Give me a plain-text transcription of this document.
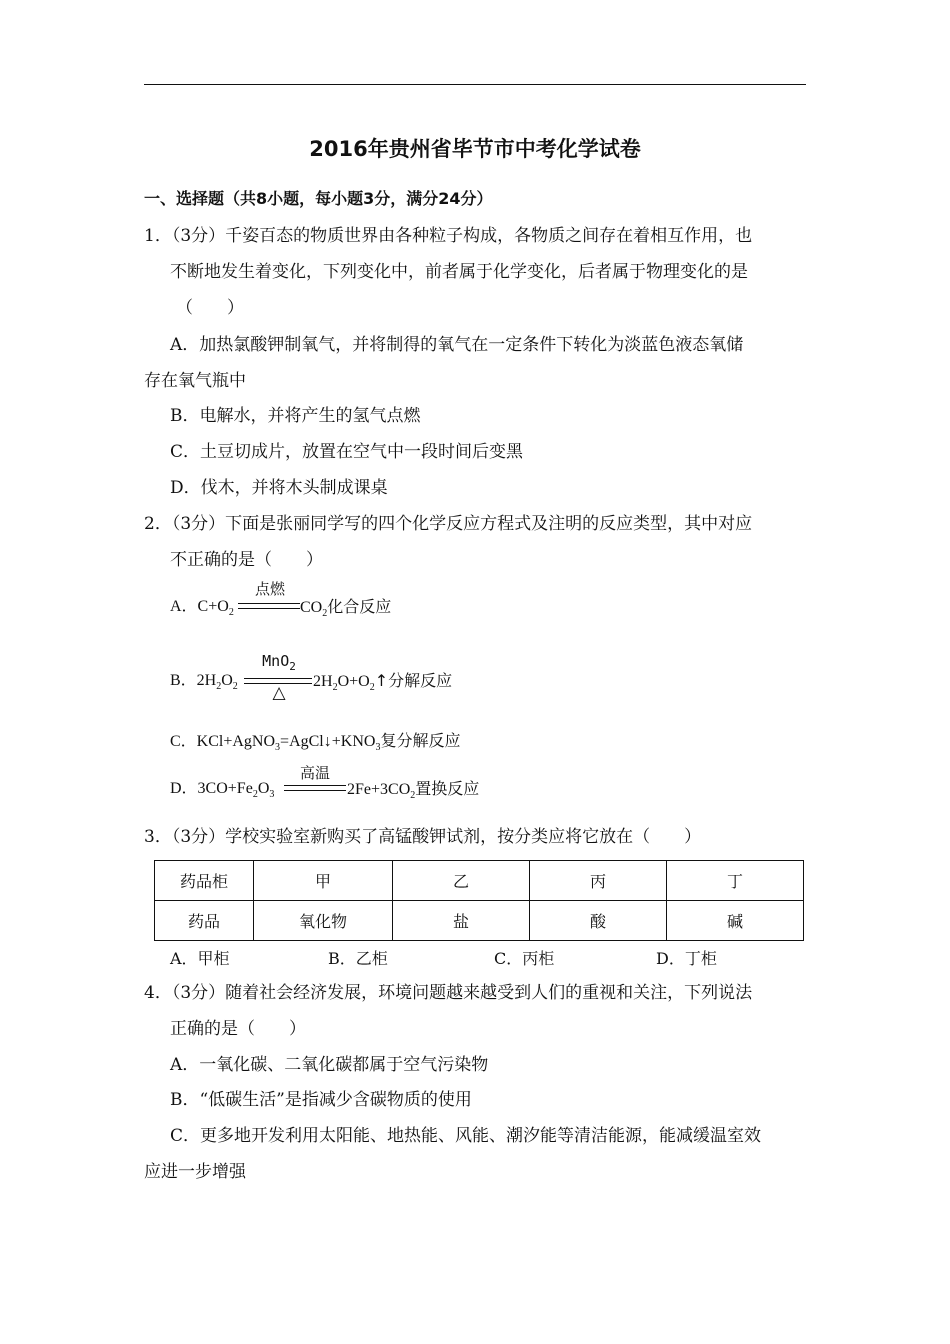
2016年贵州省毕节市中考化学试卷
一、选择题（共8小题，每小题3分，满分24分）
1．（3分）千姿百态的物质世界由各种粒子构成，各物质之间存在着相互作用，也
不断地发生着变化，下列变化中，前者属于化学变化，后者属于物理变化的是
（　　）
A．加热氯酸钾制氧气，并将制得的氧气在一定条件下转化为淡蓝色液态氧储
存在氧气瓶中
B．电解水，并将产生的氢气点燃
C．土豆切成片，放置在空气中一段时间后变黑
D．伐木，并将木头制成课桌
2．（3分）下面是张丽同学写的四个化学反应方程式及注明的反应类型，其中对应
不正确的是（　　）
A．$C+O_2$
点燃
$CO_2$化合反应
B．$2H_2O_2$
MnO$_2$
△
$2H_2O+O_2↑$分解反应
C．$KCl+AgNO_3=AgCl↓+KNO_3$复分解反应
D．$3CO+Fe_2O_3$
高温
$2Fe+3CO_2$置换反应
3．（3分）学校实验室新购买了高锰酸钾试剂，按分类应将它放在（　　）
药品柜	甲	乙	丙	丁
药品	氧化物	盐	酸	碱
A．甲柜	B．乙柜	C．丙柜	D．丁柜
4．（3分）随着社会经济发展，环境问题越来越受到人们的重视和关注，下列说法
正确的是（　　）
A．一氧化碳、二氧化碳都属于空气污染物
B．“低碳生活”是指减少含碳物质的使用
C．更多地开发利用太阳能、地热能、风能、潮汐能等清洁能源，能减缓温室效
应进一步增强
